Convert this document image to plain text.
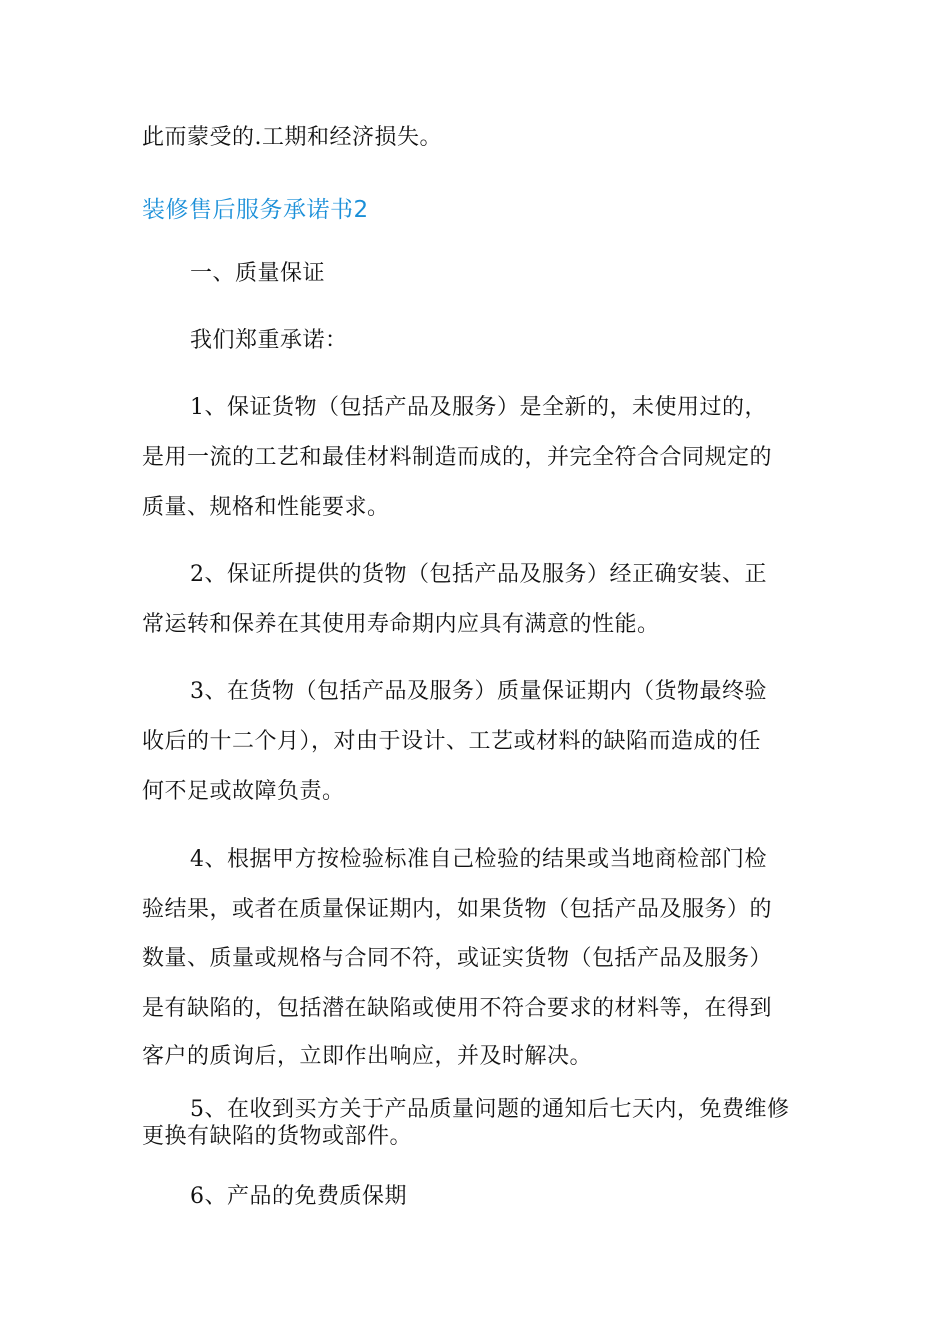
此而蒙受的.工期和经济损失。
装修售后服务承诺书2
一、质量保证
我们郑重承诺：
1、保证货物（包括产品及服务）是全新的，未使用过的，
是用一流的工艺和最佳材料制造而成的，并完全符合合同规定的
质量、规格和性能要求。
2、保证所提供的货物（包括产品及服务）经正确安装、正
常运转和保养在其使用寿命期内应具有满意的性能。
3、在货物（包括产品及服务）质量保证期内（货物最终验
收后的十二个月），对由于设计、工艺或材料的缺陷而造成的任
何不足或故障负责。
4、根据甲方按检验标准自己检验的结果或当地商检部门检
验结果，或者在质量保证期内，如果货物（包括产品及服务）的
数量、质量或规格与合同不符，或证实货物（包括产品及服务）
是有缺陷的，包括潜在缺陷或使用不符合要求的材料等，在得到
客户的质询后，立即作出响应，并及时解决。
5、在收到买方关于产品质量问题的通知后七天内，免费维修
更换有缺陷的货物或部件。
6、产品的免费质保期
